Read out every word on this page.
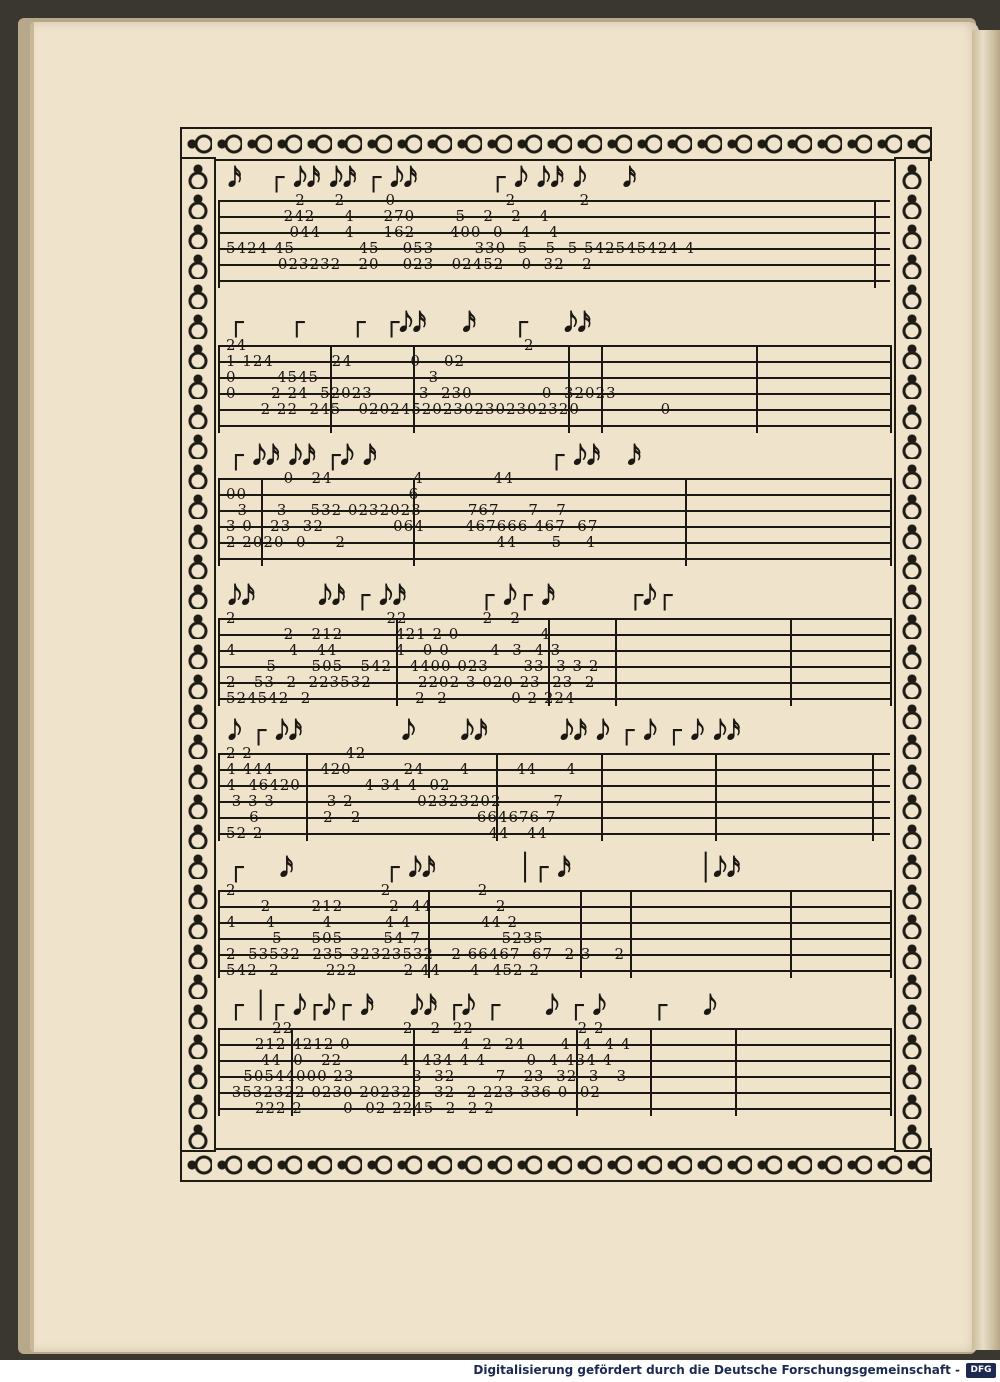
𝅘𝅥𝅯   ┌ 𝅘𝅥𝅮𝅘𝅥𝅯 𝅘𝅥𝅮𝅘𝅥𝅯 ┌ 𝅘𝅥𝅮𝅘𝅥𝅯        ┌ 𝅘𝅥𝅮 𝅘𝅥𝅮𝅘𝅥𝅯 𝅘𝅥𝅮    𝅘𝅥𝅯
2     2       0                   2           2
242     4     270       5   2   2   4
044    4     162      400  0   4   4
5424 45           45    053       330  5   5  5 542545424 4
023232   20    023   02452   0  32   2
┌     ┌     ┌  ┌𝅘𝅥𝅮𝅘𝅥𝅯    𝅘𝅥𝅯    ┌    𝅘𝅥𝅮𝅘𝅥𝅯
24                                                2
1 124          24          0    02
0       4545                   3
0      2 24  52023        3  230            0  32023
2 22  245   020245202302302302320              0
┌ 𝅘𝅥𝅮𝅘𝅥𝅯 𝅘𝅥𝅮𝅘𝅥𝅯 ┌𝅘𝅥𝅮 𝅘𝅥𝅯                   ┌ 𝅘𝅥𝅮𝅘𝅥𝅯   𝅘𝅥𝅯
0   24              4            44
00                            6
3     3    532 0232023        767     7   7
3 0   23  32            064       467666 467  67
2 2020  0     2                          44      5    4
𝅘𝅥𝅮𝅘𝅥𝅯       𝅘𝅥𝅮𝅘𝅥𝅯 ┌ 𝅘𝅥𝅮𝅘𝅥𝅯        ┌ 𝅘𝅥𝅮┌ 𝅘𝅥𝅯        ┌𝅘𝅥𝅮┌
2                          22             2   2
2   212         421 2 0              4
4         4   44          4   0 0       4  3  4 3
5      505   542   4400 023      33  3 3 2
2   53  2  223532        2202 3 020 23  23  2
524542  2                  2  2           0 2 224
𝅘𝅥𝅮 ┌ 𝅘𝅥𝅮𝅘𝅥𝅯           𝅘𝅥𝅮     𝅘𝅥𝅮𝅘𝅥𝅯        𝅘𝅥𝅮𝅘𝅥𝅯 𝅘𝅥𝅮 ┌ 𝅘𝅥𝅮 ┌ 𝅘𝅥𝅮 𝅘𝅥𝅮𝅘𝅥𝅯
2 2                42
4 444        420         24      4        44     4
4  46420           4 34 4  02
3 3 3         3 2           02323202         7
6           2   2                    664676 7
52 2                                       44   44
┌    𝅘𝅥𝅯          ┌ 𝅘𝅥𝅮𝅘𝅥𝅯         │┌ 𝅘𝅥𝅯              │𝅘𝅥𝅮𝅘𝅥𝅯
2                         2               2
2       212        2  44           2
4     4        4         4 4            44 2
5     505       54 7              5235
2  53532  235 32323532   2 66467  67  2 3    2
542  2        222        2 44     4  452 2
┌ │┌ 𝅘𝅥𝅮┌𝅘𝅥𝅮┌ 𝅘𝅥𝅯    𝅘𝅥𝅮𝅘𝅥𝅯 ┌𝅘𝅥𝅮 ┌     𝅘𝅥𝅮 ┌ 𝅘𝅥𝅮     ┌    𝅘𝅥𝅮
22                   2   2  22                  2 2
212 4212 0                   4  2  24      4  4  4 4
44  0   22          4  434 4 4       0  4 434 4
50544000 23          3  32       7   23  32  3   3
3532322 0230 202323  32  2 223 336 0  02
222 2       0  02 2245  2  2 2
Digitalisierung gefördert durch die Deutsche Forschungsgemeinschaft -	DFG
